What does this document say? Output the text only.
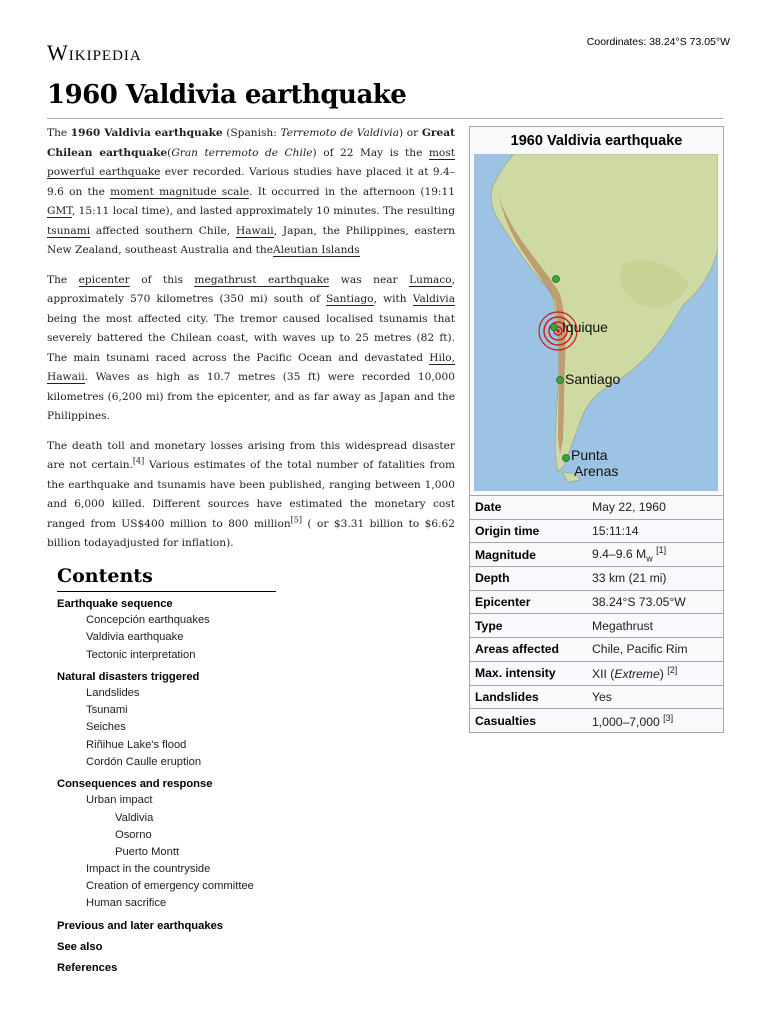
Wikipedia	Coordinates: 38.24°S 73.05°W
1960 Valdivia earthquake

The 1960 Valdivia earthquake (Spanish: Terremoto de Valdivia) or Great Chilean earthquake(Gran terremoto de Chile) of 22 May is the most powerful earthquake ever recorded. Various studies have placed it at 9.4–9.6 on the moment magnitude scale. It occurred in the afternoon (19:11 GMT, 15:11 local time), and lasted approximately 10 minutes. The resulting tsunami affected southern Chile, Hawaii, Japan, the Philippines, eastern New Zealand, southeast Australia and theAleutian Islands

The epicenter of this megathrust earthquake was near Lumaco, approximately 570 kilometres (350 mi) south of Santiago, with Valdivia being the most affected city. The tremor caused localised tsunamis that severely battered the Chilean coast, with waves up to 25 metres (82 ft). The main tsunami raced across the Pacific Ocean and devastated Hilo, Hawaii. Waves as high as 10.7 metres (35 ft) were recorded 10,000 kilometres (6,200 mi) from the epicenter, and as far away as Japan and the Philippines.

The death toll and monetary losses arising from this widespread disaster are not certain.[4] Various estimates of the total number of fatalities from the earthquake and tsunamis have been published, ranging between 1,000 and 6,000 killed. Different sources have estimated the monetary cost ranged from US$400 million to 800 million[5] ( or $3.31 billion to $6.62 billion todayadjusted for inflation).

1960 Valdivia earthquake
Iquique
Santiago
Punta
Arenas
Date	May 22, 1960
Origin time	15:11:14
Magnitude	9.4–9.6 $M_w$ [1]
Depth	33 km (21 mi)
Epicenter	38.24°S 73.05°W
Type	Megathrust
Areas affected	Chile, Pacific Rim
Max. intensity	XII (Extreme) [2]
Landslides	Yes
Casualties	1,000–7,000 [3]
Contents
Earthquake sequence
Concepción earthquakes
Valdivia earthquake
Tectonic interpretation
Natural disasters triggered
Landslides
Tsunami
Seiches
Riñihue Lake's flood
Cordón Caulle eruption
Consequences and response
Urban impact
Valdivia
Osorno
Puerto Montt
Impact in the countryside
Creation of emergency committee
Human sacrifice
Previous and later earthquakes
See also
References
